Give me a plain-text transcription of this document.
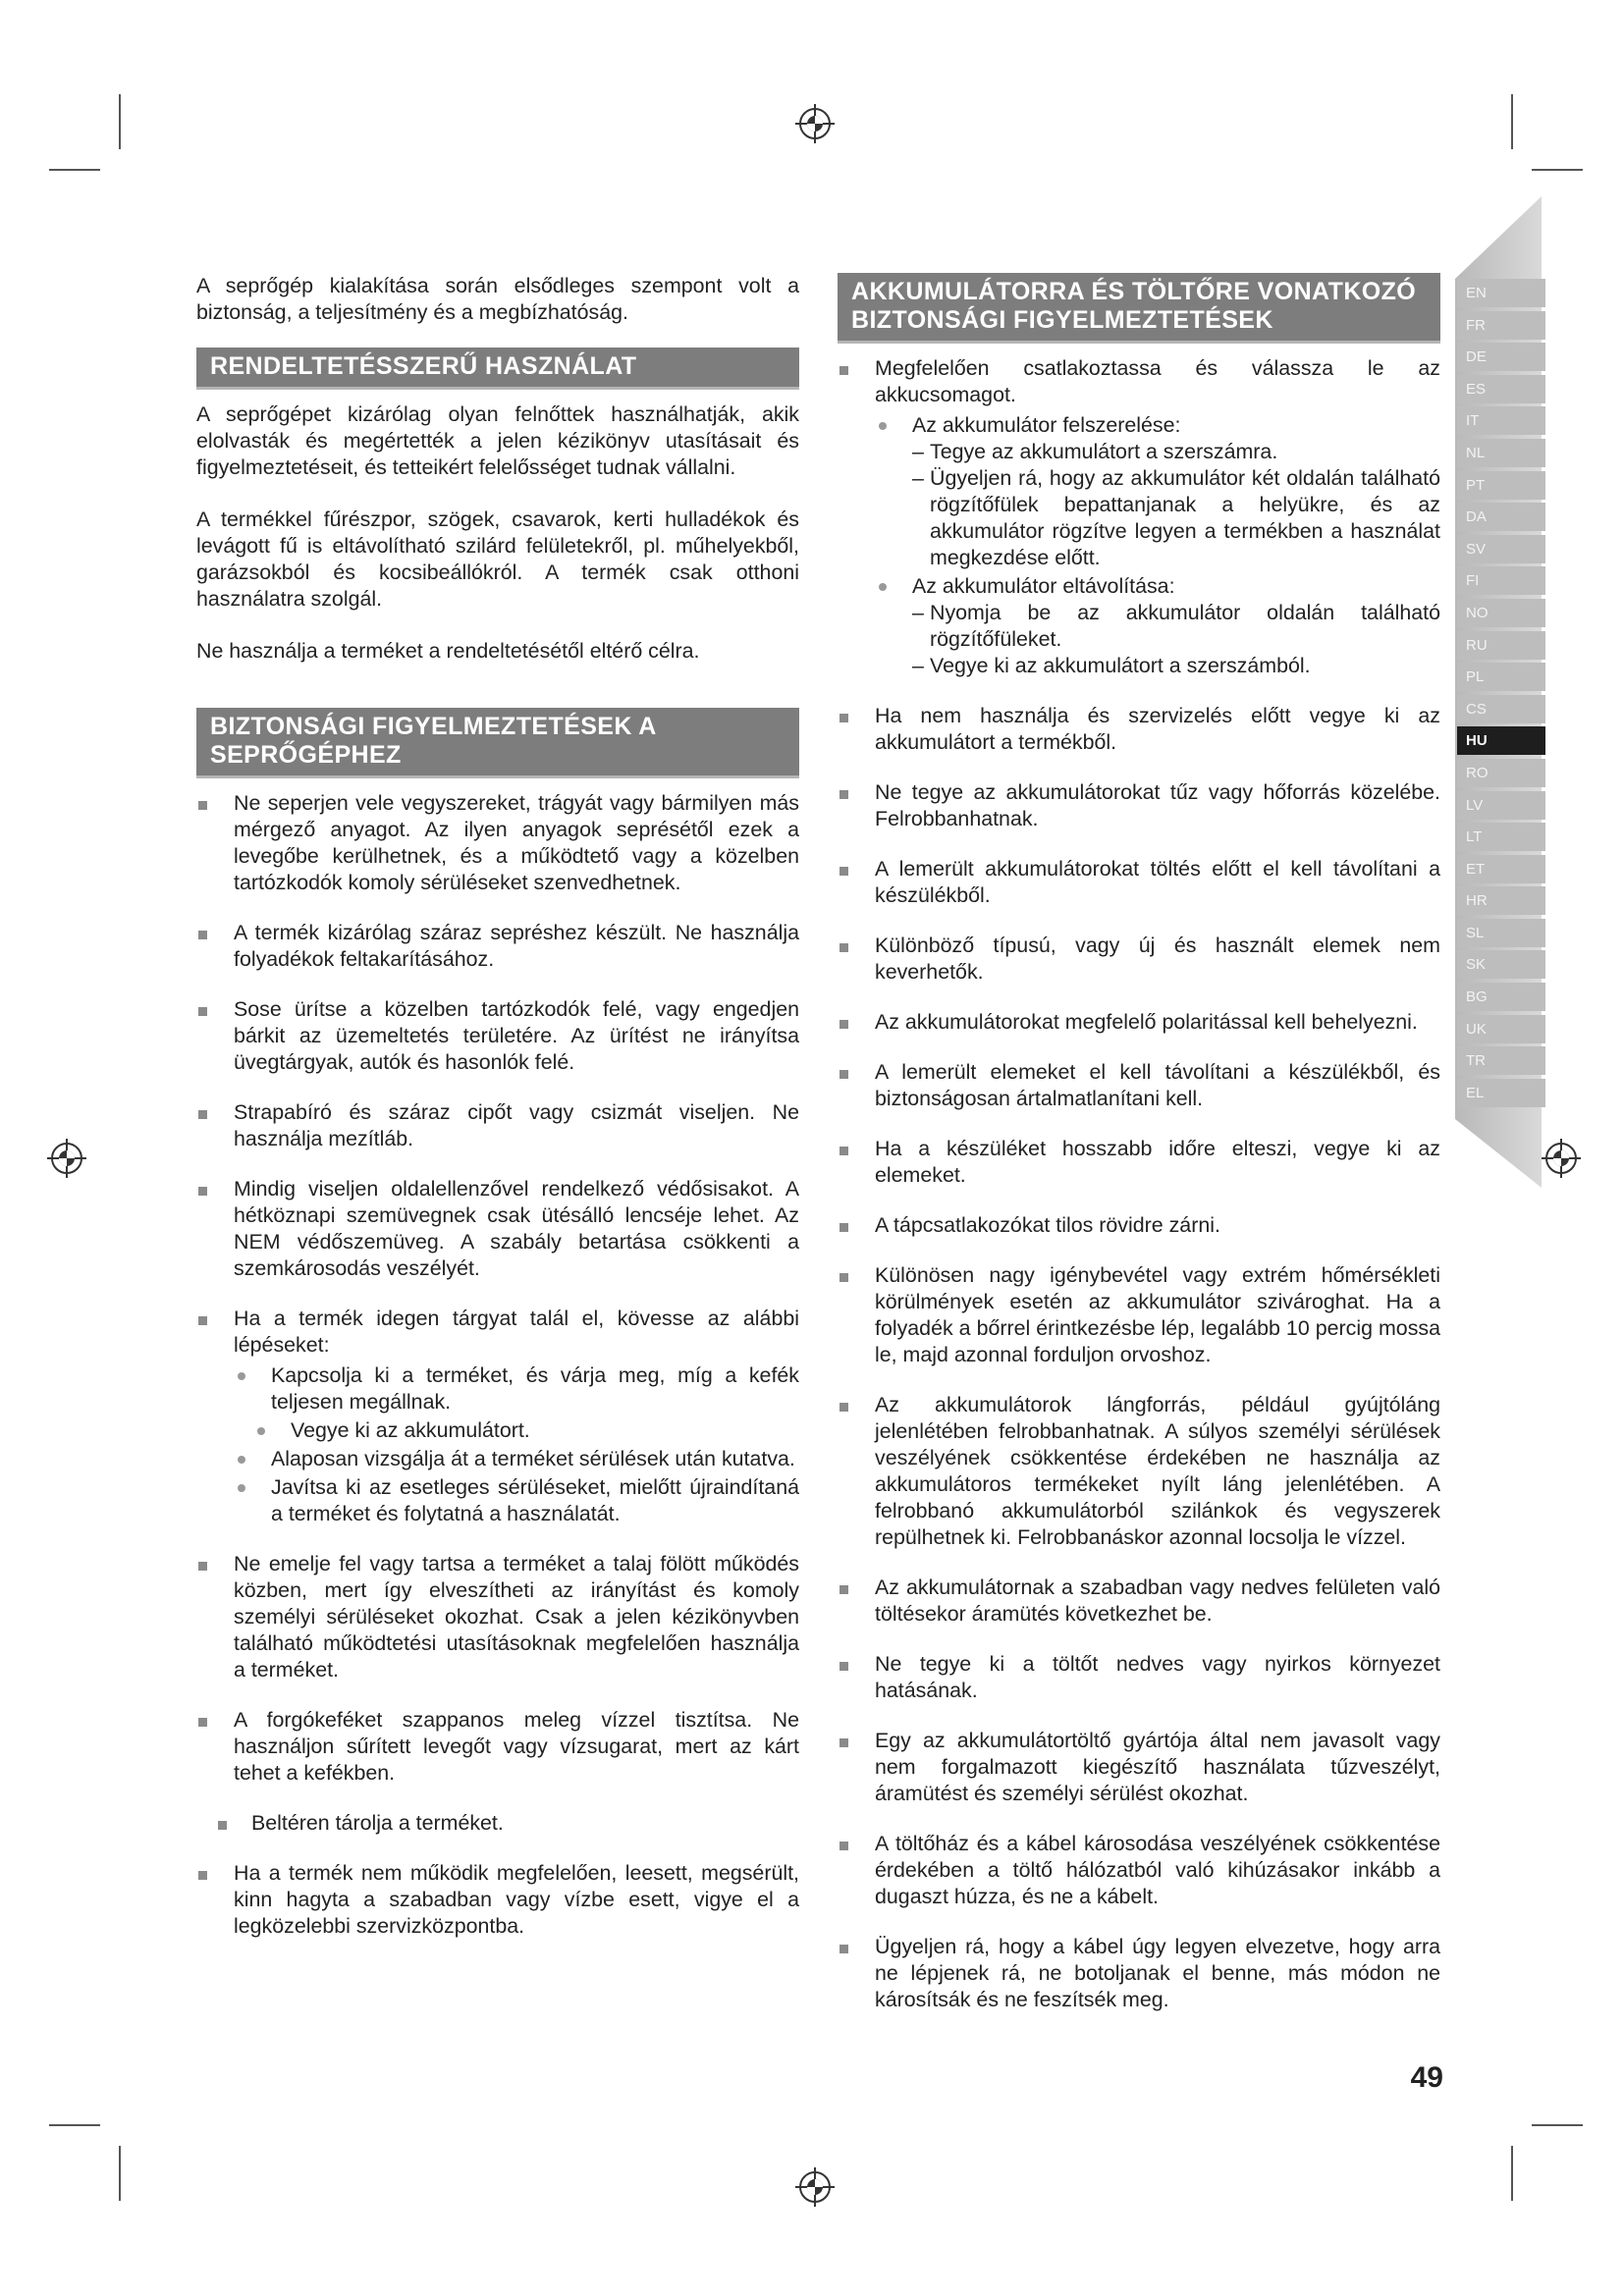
EN
FR
DE
ES
IT
NL
PT
DA
SV
FI
NO
RU
PL
CS
HU
RO
LV
LT
ET
HR
SL
SK
BG
UK
TR
EL

A seprőgép kialakítása során elsődleges szempont volt a biztonság, a teljesítmény és a megbízhatóság.

RENDELTETÉSSZERŰ HASZNÁLAT

A seprőgépet kizárólag olyan felnőttek használhatják, akik elolvasták és megértették a jelen kézikönyv utasításait és figyelmeztetéseit, és tetteikért felelősséget tudnak vállalni.

A termékkel fűrészpor, szögek, csavarok, kerti hulladékok és levágott fű is eltávolítható szilárd felületekről, pl. műhelyekből, garázsokból és kocsibeállókról. A termék csak otthoni használatra szolgál.

Ne használja a terméket a rendeltetésétől eltérő célra.

BIZTONSÁGI FIGYELMEZTETÉSEK A SEPRŐGÉPHEZ
Ne seperjen vele vegyszereket, trágyát vagy bármilyen más mérgező anyagot. Az ilyen anyagok seprésétől ezek a levegőbe kerülhetnek, és a működtető vagy a közelben tartózkodók komoly sérüléseket szenvedhetnek.
A termék kizárólag száraz sepréshez készült. Ne használja folyadékok feltakarításához.
Sose ürítse a közelben tartózkodók felé, vagy engedjen bárkit az üzemeltetés területére. Az ürítést ne irányítsa üvegtárgyak, autók és hasonlók felé.
Strapabíró és száraz cipőt vagy csizmát viseljen. Ne használja mezítláb.
Mindig viseljen oldalellenzővel rendelkező védősisakot. A hétköznapi szemüvegnek csak ütésálló lencséje lehet. Az NEM védőszemüveg. A szabály betartása csökkenti a szemkárosodás veszélyét.
Ha a termék idegen tárgyat talál el, kövesse az alábbi lépéseket:
Kapcsolja ki a terméket, és várja meg, míg a kefék teljesen megállnak.
Vegye ki az akkumulátort.
Alaposan vizsgálja át a terméket sérülések után kutatva.
Javítsa ki az esetleges sérüléseket, mielőtt újraindítaná a terméket és folytatná a használatát.
Ne emelje fel vagy tartsa a terméket a talaj fölött működés közben, mert így elveszítheti az irányítást és komoly személyi sérüléseket okozhat. Csak a jelen kézikönyvben található működtetési utasításoknak megfelelően használja a terméket.
A forgókeféket szappanos meleg vízzel tisztítsa. Ne használjon sűrített levegőt vagy vízsugarat, mert az kárt tehet a kefékben.
Beltéren tárolja a terméket.
Ha a termék nem működik megfelelően, leesett, megsérült, kinn hagyta a szabadban vagy vízbe esett, vigye el a legközelebbi szervizközpontba.
AKKUMULÁTORRA ÉS TÖLTŐRE VONATKOZÓ BIZTONSÁGI FIGYELMEZTETÉSEK
Megfelelően csatlakoztassa és válassza le az akkucsomagot.
Az akkumulátor felszerelése:
– Tegye az akkumulátort a szerszámra.
– Ügyeljen rá, hogy az akkumulátor két oldalán található rögzítőfülek bepattanjanak a helyükre, és az akkumulátor rögzítve legyen a termékben a használat megkezdése előtt.
Az akkumulátor eltávolítása:
– Nyomja be az akkumulátor oldalán található rögzítőfüleket.
– Vegye ki az akkumulátort a szerszámból.
Ha nem használja és szervizelés előtt vegye ki az akkumulátort a termékből.
Ne tegye az akkumulátorokat tűz vagy hőforrás közelébe. Felrobbanhatnak.
A lemerült akkumulátorokat töltés előtt el kell távolítani a készülékből.
Különböző típusú, vagy új és használt elemek nem keverhetők.
Az akkumulátorokat megfelelő polaritással kell behelyezni.
A lemerült elemeket el kell távolítani a készülékből, és biztonságosan ártalmatlanítani kell.
Ha a készüléket hosszabb időre elteszi, vegye ki az elemeket.
A tápcsatlakozókat tilos rövidre zárni.
Különösen nagy igénybevétel vagy extrém hőmérsékleti körülmények esetén az akkumulátor szivároghat. Ha a folyadék a bőrrel érintkezésbe lép, legalább 10 percig mossa le, majd azonnal forduljon orvoshoz.
Az akkumulátorok lángforrás, például gyújtóláng jelenlétében felrobbanhatnak. A súlyos személyi sérülések veszélyének csökkentése érdekében ne használja az akkumulátoros termékeket nyílt láng jelenlétében. A felrobbanó akkumulátorból szilánkok és vegyszerek repülhetnek ki. Felrobbanáskor azonnal locsolja le vízzel.
Az akkumulátornak a szabadban vagy nedves felületen való töltésekor áramütés következhet be.
Ne tegye ki a töltőt nedves vagy nyirkos környezet hatásának.
Egy az akkumulátortöltő gyártója által nem javasolt vagy nem forgalmazott kiegészítő használata tűzveszélyt, áramütést és személyi sérülést okozhat.
A töltőház és a kábel károsodása veszélyének csökkentése érdekében a töltő hálózatból való kihúzásakor inkább a dugaszt húzza, és ne a kábelt.
Ügyeljen rá, hogy a kábel úgy legyen elvezetve, hogy arra ne lépjenek rá, ne botoljanak el benne, más módon ne károsítsák és ne feszítsék meg.
49
